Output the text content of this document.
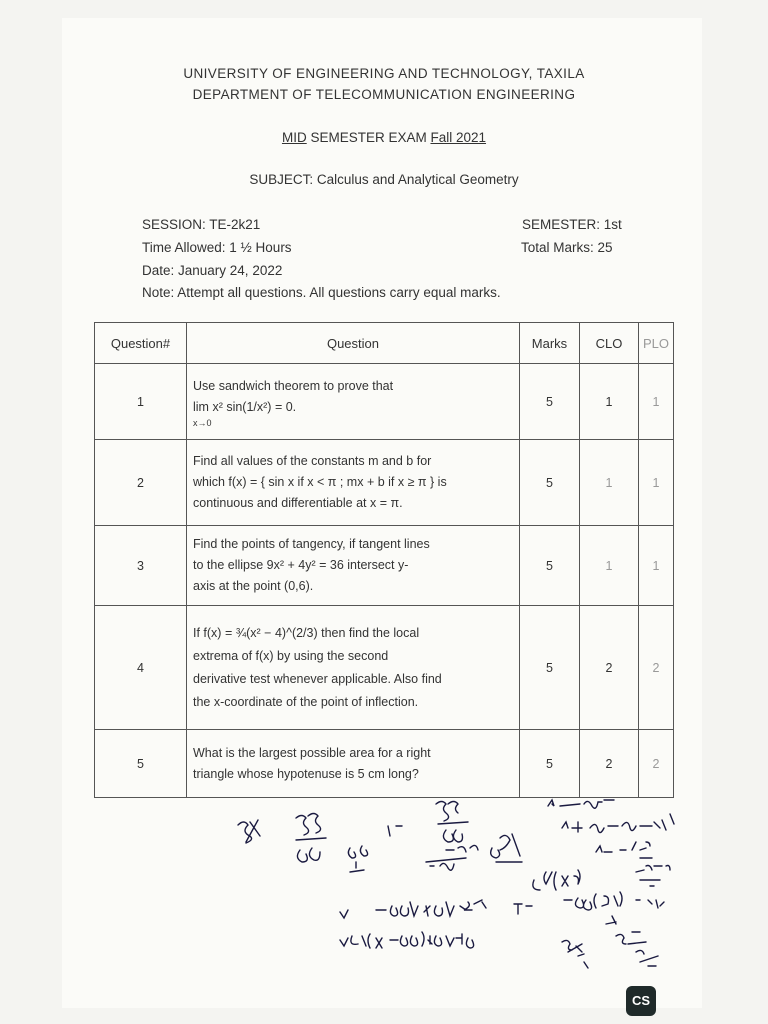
UNIVERSITY OF ENGINEERING AND TECHNOLOGY, TAXILA
DEPARTMENT OF TELECOMMUNICATION ENGINEERING
MID SEMESTER EXAM Fall 2021
SUBJECT: Calculus and Analytical Geometry
SESSION: TE-2k21	SEMESTER: 1st
Time Allowed: 1 ½ Hours	Total Marks: 25
Date: January 24, 2022
Note: Attempt all questions. All questions carry equal marks.
Question#	Question	Marks	CLO	PLO
1	Use sandwich theorem to prove that
lim x² sin(1/x²) = 0.
x→0	5	1	1
2	Find all values of the constants m and b for
which f(x) = { sin x if x < π ; mx + b if x ≥ π } is
continuous and differentiable at x = π.	5	1	1
3	Find the points of tangency, if tangent lines
to the ellipse 9x² + 4y² = 36 intersect y-
axis at the point (0,6).	5	1	1
4	If f(x) = ¾(x² − 4)^(2/3) then find the local
extrema of f(x) by using the second
derivative test whenever applicable. Also find
the x-coordinate of the point of inflection.	5	2	2
5	What is the largest possible area for a right
triangle whose hypotenuse is 5 cm long?	5	2	2
CS
